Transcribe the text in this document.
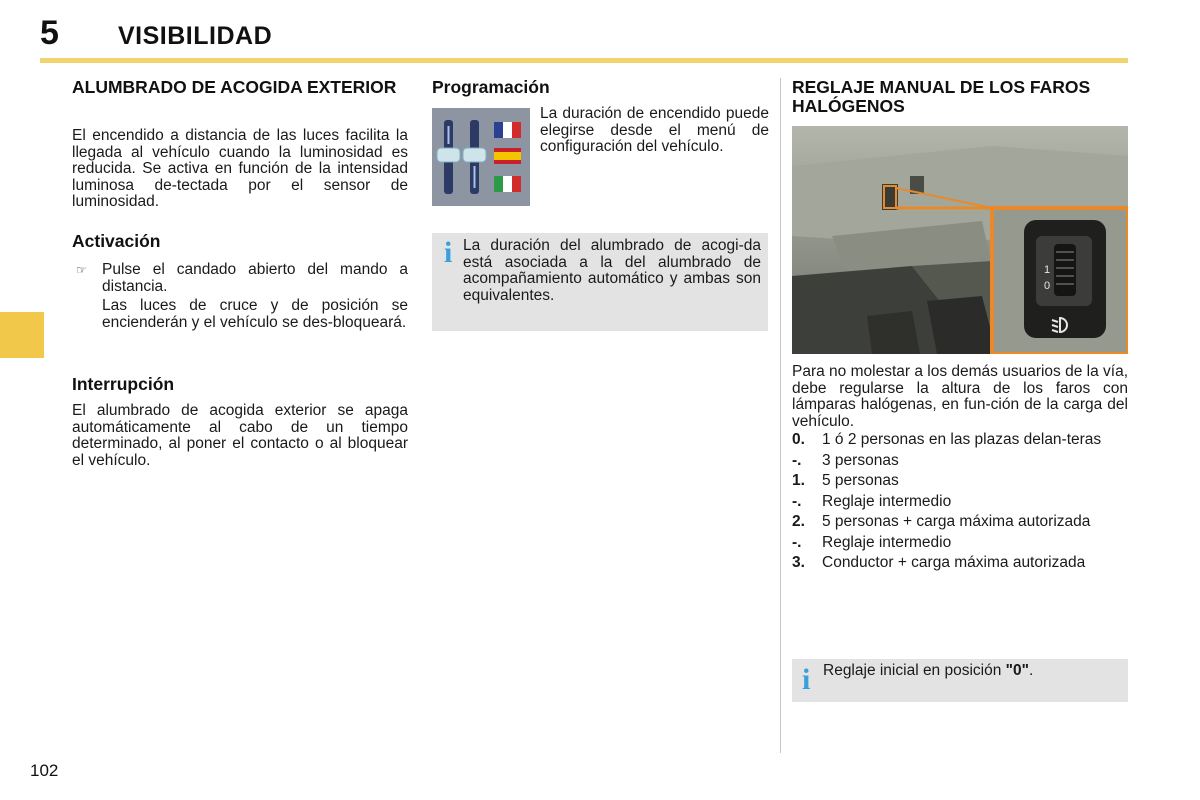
5 VISIBILIDAD
ALUMBRADO DE ACOGIDA EXTERIOR
El encendido a distancia de las luces facilita la llegada al vehículo cuando la luminosidad es reducida. Se activa en función de la intensidad luminosa de-tectada por el sensor de luminosidad.
Activación
☞ Pulse el candado abierto del mando a distancia.
Las luces de cruce y de posición se encienderán y el vehículo se des-bloqueará.
Interrupción
El alumbrado de acogida exterior se apaga automáticamente al cabo de un tiempo determinado, al poner el contacto o al bloquear el vehículo.
Programación
La duración de encendido puede elegirse desde el menú de configuración del vehículo.
i La duración del alumbrado de acogi-da está asociada a la del alumbrado de acompañamiento automático y ambas son equivalentes.
REGLAJE MANUAL DE LOS FAROS HALÓGENOS
1
0
Para no molestar a los demás usuarios de la vía, debe regularse la altura de los faros con lámparas halógenas, en fun-ción de la carga del vehículo.
0. 1 ó 2 personas en las plazas delan-teras
-. 3 personas
1. 5 personas
-. Reglaje intermedio
2. 5 personas + carga máxima autorizada
-. Reglaje intermedio
3. Conductor + carga máxima autorizada
i Reglaje inicial en posición "0".
102
